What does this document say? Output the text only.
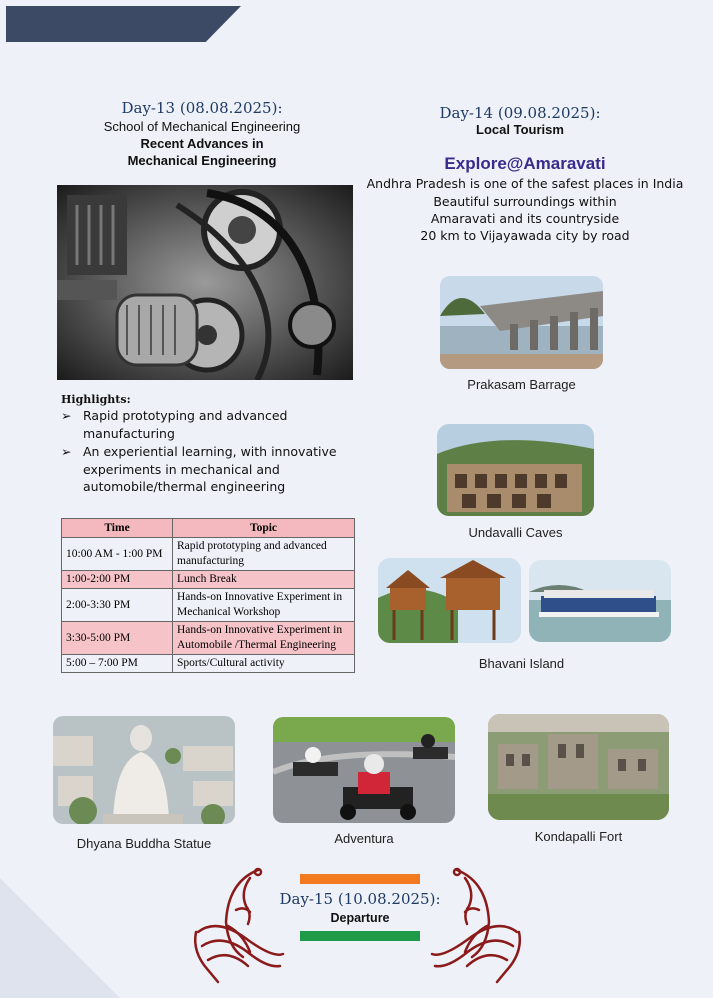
Day-13 (08.08.2025):
School of Mechanical Engineering
Recent Advances in
Mechanical Engineering
Highlights:
➢ Rapid prototyping and advanced manufacturing
➢ An experiential learning, with innovative experiments in mechanical and automobile/thermal engineering
Time	Topic
10:00 AM - 1:00 PM	Rapid prototyping and advanced manufacturing
1:00-2:00 PM	Lunch Break
2:00-3:30 PM	Hands-on Innovative Experiment in Mechanical Workshop
3:30-5:00 PM	Hands-on Innovative Experiment in Automobile /Thermal Engineering
5:00 – 7:00 PM	Sports/Cultural activity
Day-14 (09.08.2025):
Local Tourism
Explore@Amaravati
Andhra Pradesh is one of the safest places in India
Beautiful surroundings within
Amaravati and its countryside
20 km to Vijayawada city by road
Prakasam Barrage
Undavalli Caves
Bhavani Island
Dhyana Buddha Statue	Adventura	Kondapalli Fort
Day-15 (10.08.2025):
Departure
